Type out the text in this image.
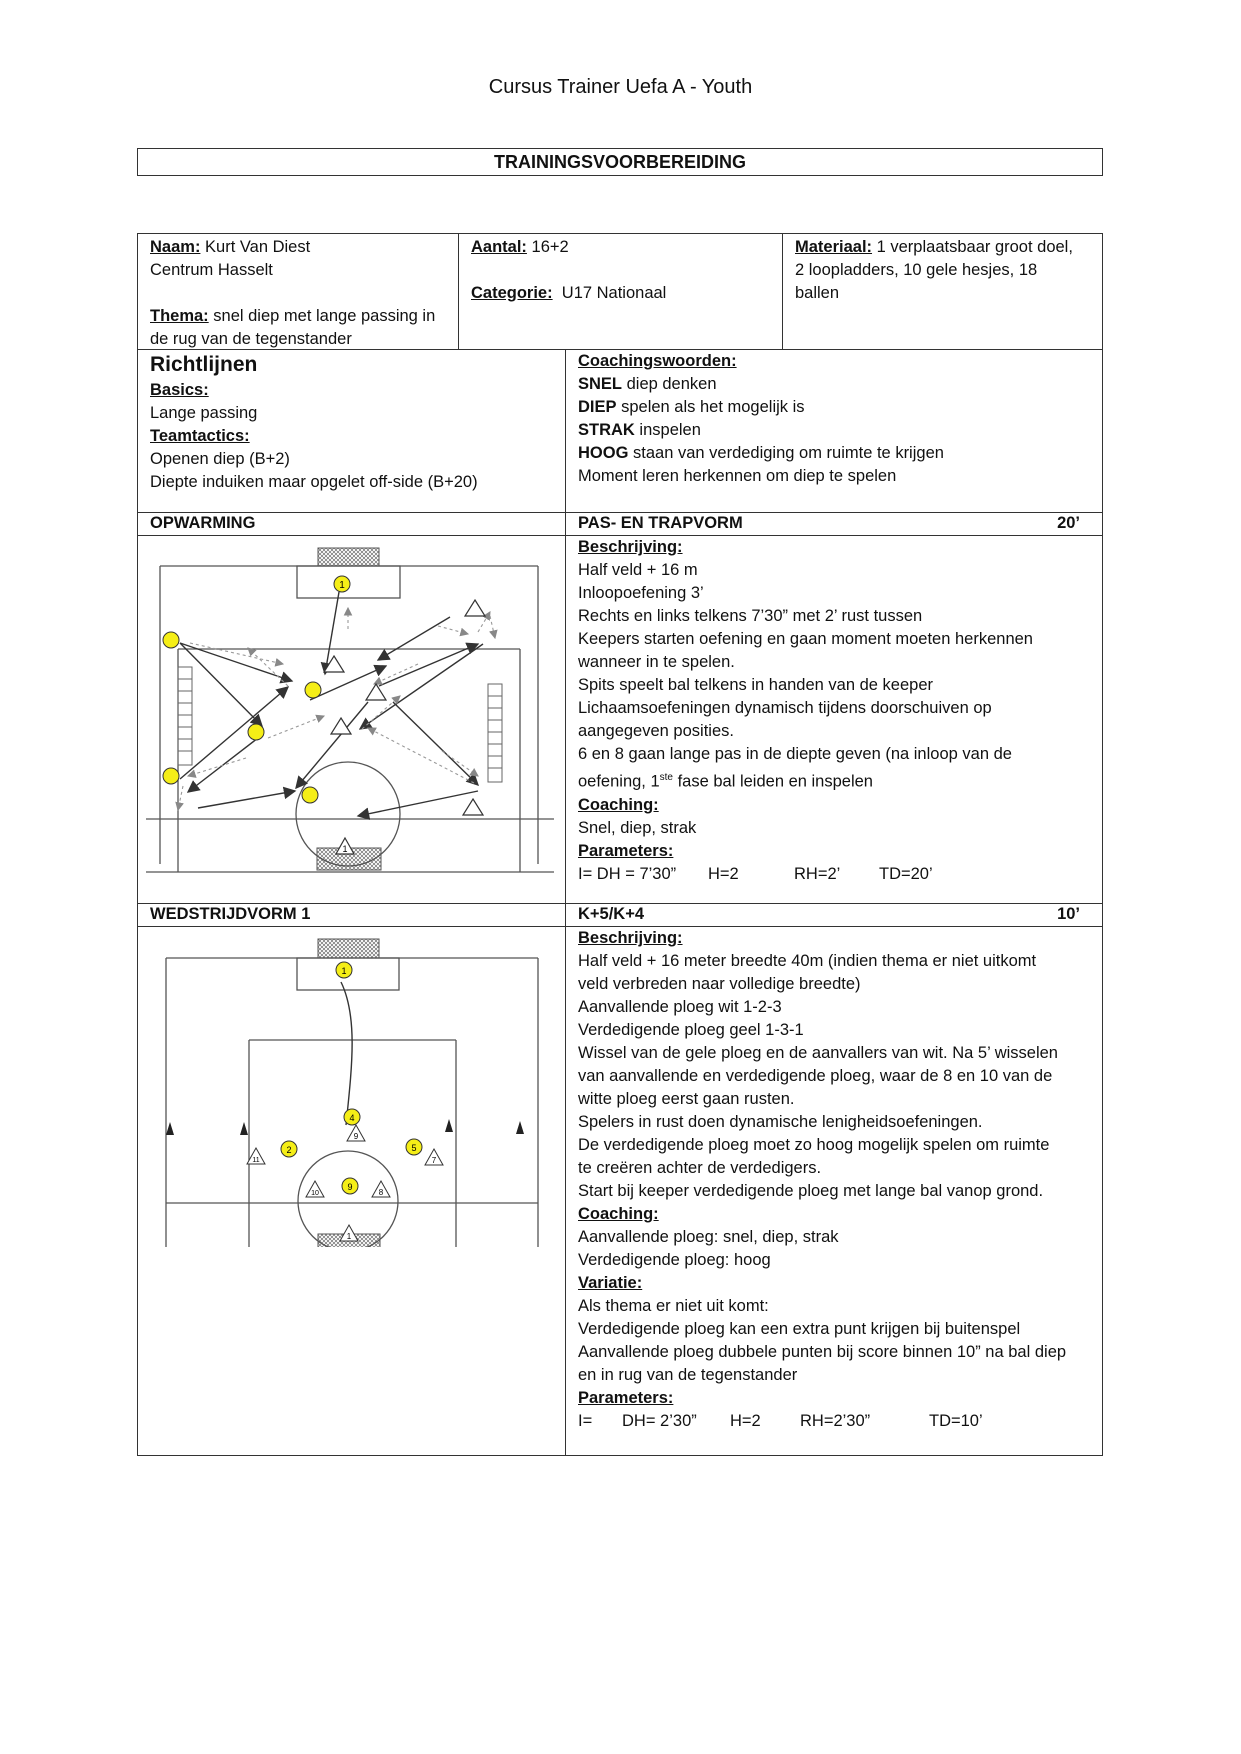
Cursus Trainer Uefa A - Youth
TRAININGSVOORBEREIDING
Naam: Kurt Van Diest
Centrum Hasselt

Thema: snel diep met lange passing in
de rug van de tegenstander
Aantal: 16+2

Categorie: U17 Nationaal
Materiaal: 1 verplaatsbaar groot doel,
2 loopladders, 10 gele hesjes, 18
ballen
Richtlijnen
Basics:
Lange passing
Teamtactics:
Openen diep (B+2)
Diepte induiken maar opgelet off-side (B+20)
Coachingswoorden:
SNEL diep denken
DIEP spelen als het mogelijk is
STRAK inspelen
HOOG staan van verdediging om ruimte te krijgen
Moment leren herkennen om diep te spelen
OPWARMING	PAS- EN TRAPVORM	20’
1
1
Beschrijving:
Half veld + 16 m
Inloopoefening 3’
Rechts en links telkens 7’30” met 2’ rust tussen
Keepers starten oefening en gaan moment moeten herkennen
wanneer in te spelen.
Spits speelt bal telkens in handen van de keeper
Lichaamsoefeningen dynamisch tijdens doorschuiven op
aangegeven posities.
6 en 8 gaan lange pas in de diepte geven (na inloop van de
oefening, 1ste fase bal leiden en inspelen
Coaching:
Snel, diep, strak
Parameters:
I= DH = 7’30” H=2	RH=2’ TD=20’
WEDSTRIJDVORM 1	K+5/K+4	10’
1
4
9
2
11
5
7
10
9
8
1
Beschrijving:
Half veld + 16 meter breedte 40m (indien thema er niet uitkomt
veld verbreden naar volledige breedte)
Aanvallende ploeg wit 1-2-3
Verdedigende ploeg geel 1-3-1
Wissel van de gele ploeg en de aanvallers van wit. Na 5’ wisselen
van aanvallende en verdedigende ploeg, waar de 8 en 10 van de
witte ploeg eerst gaan rusten.
Spelers in rust doen dynamische lenigheidsoefeningen.
De verdedigende ploeg moet zo hoog mogelijk spelen om ruimte
te creëren achter de verdedigers.
Start bij keeper verdedigende ploeg met lange bal vanop grond.
Coaching:
Aanvallende ploeg: snel, diep, strak
Verdedigende ploeg: hoog
Variatie:
Als thema er niet uit komt:
Verdedigende ploeg kan een extra punt krijgen bij buitenspel
Aanvallende ploeg dubbele punten bij score binnen 10” na bal diep
en in rug van de tegenstander
Parameters:
I= DH= 2’30” H=2 RH=2’30”	TD=10’
